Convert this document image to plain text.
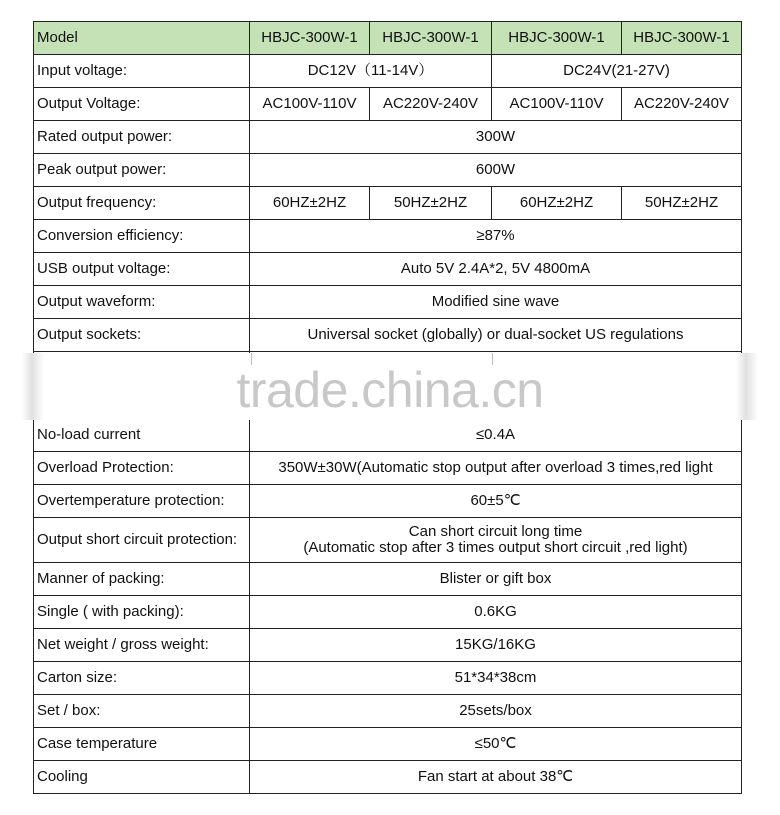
Model	HBJC-300W-1	HBJC-300W-1	HBJC-300W-1	HBJC-300W-1
Input voltage:	DC12V（11-14V）		DC24V(21-27V)	
Output Voltage:	AC100V-110V	AC220V-240V	AC100V-110V	AC220V-240V
Rated output power:	300W			
Peak output power:	600W			
Output frequency:	60HZ±2HZ	50HZ±2HZ	60HZ±2HZ	50HZ±2HZ
Conversion efficiency:	≥87%			
USB output voltage:	Auto 5V 2.4A*2, 5V 4800mA			
Output waveform:	Modified sine wave			
Output sockets:	Universal socket (globally) or dual-socket US regulations			

No-load current	≤0.4A			
Overload Protection:	350W±30W(Automatic stop output after overload 3 times,red light			
Overtemperature protection:	60±5℃			
Output short circuit protection:	Can short circuit long time
(Automatic stop after 3 times output short circuit ,red light)			

Manner of packing:	Blister or gift box			
Single ( with packing):	0.6KG			
Net weight / gross weight:	15KG/16KG			
Carton size:	51*34*38cm			
Set / box:	25sets/box			
Case temperature	≤50℃			
Cooling	Fan start at about 38℃			
trade.china.cn
